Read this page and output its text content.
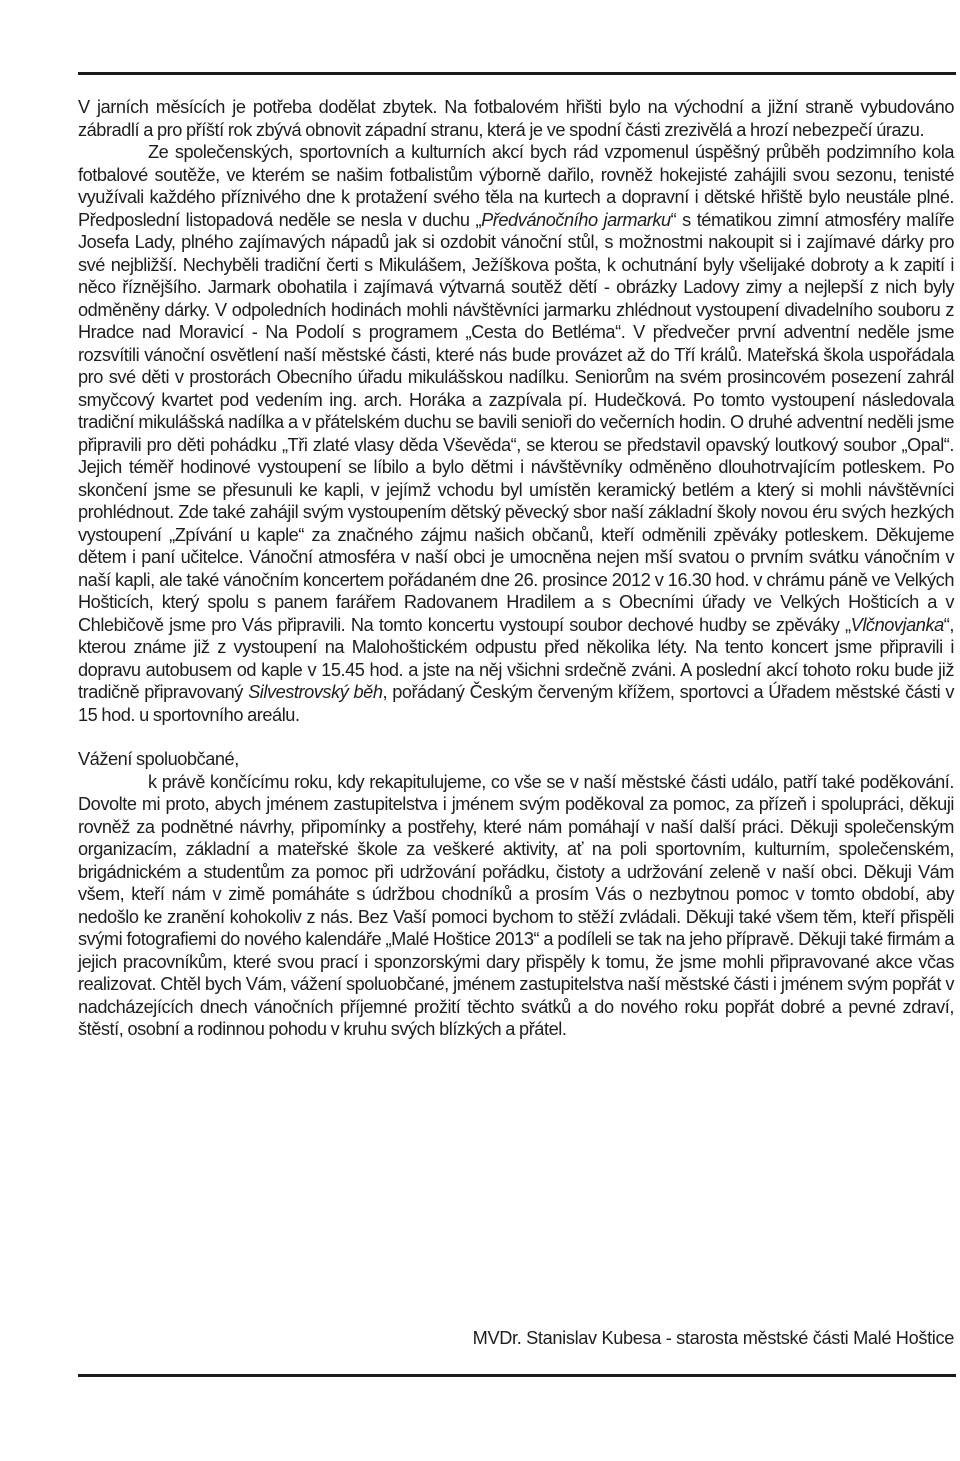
V jarních měsících je potřeba dodělat zbytek. Na fotbalovém hřišti bylo na východní a jižní straně vybudováno zábradlí a pro příští rok zbývá obnovit západní stranu, která je ve spodní části zrezivělá a hrozí nebezpečí úrazu.

Ze společenských, sportovních a kulturních akcí bych rád vzpomenul úspěšný průběh podzimního kola fotbalové soutěže, ve kterém se našim fotbalistům výborně dařilo, rovněž hokejisté zahájili svou sezonu, tenisté využívali každého příznivého dne k protažení svého těla na kurtech a dopravní i dětské hřiště bylo neustále plné. Předposlední listopadová neděle se nesla v duchu „Předvánočního jarmarku“ s tématikou zimní atmosféry malíře Josefa Lady, plného zajímavých nápadů jak si ozdobit vánoční stůl, s možnostmi nakoupit si i zajímavé dárky pro své nejbližší. Nechyběli tradiční čerti s Mikulášem, Ježíškova pošta, k ochutnání byly všelijaké dobroty a k zapití i něco říznějšího. Jarmark obohatila i zajímavá výtvarná soutěž dětí - obrázky Ladovy zimy a nejlepší z nich byly odměněny dárky. V odpoledních hodinách mohli návštěvníci jarmarku zhlédnout vystoupení divadelního souboru z Hradce nad Moravicí - Na Podolí s programem „Cesta do Betléma“. V předvečer první adventní neděle jsme rozsvítili vánoční osvětlení naší městské části, které nás bude provázet až do Tří králů. Mateřská škola uspořádala pro své děti v prostorách Obecního úřadu mikulášskou nadílku. Seniorům na svém prosincovém posezení zahrál smyčcový kvartet pod vedením ing. arch. Horáka a zazpívala pí. Hudečková. Po tomto vystoupení následovala tradiční mikulášská nadílka a v přátelském duchu se bavili senioři do večerních hodin. O druhé adventní neděli jsme připravili pro děti pohádku „Tři zlaté vlasy děda Vševěda“, se kterou se představil opavský loutkový soubor „Opal“. Jejich téměř hodinové vystoupení se líbilo a bylo dětmi i návštěvníky odměněno dlouhotrvajícím potleskem. Po skončení jsme se přesunuli ke kapli, v jejímž vchodu byl umístěn keramický betlém a který si mohli návštěvníci prohlédnout. Zde také zahájil svým vystoupením dětský pěvecký sbor naší základní školy novou éru svých hezkých vystoupení „Zpívání u kaple“ za značného zájmu našich občanů, kteří odměnili zpěváky potleskem. Děkujeme dětem i paní učitelce. Vánoční atmosféra v naší obci je umocněna nejen mší svatou o prvním svátku vánočním v naší kapli, ale také vánočním koncertem pořádaném dne 26. prosince 2012 v 16.30 hod. v chrámu páně ve Velkých Hošticích, který spolu s panem farářem Radovanem Hradilem a s Obecními úřady ve Velkých Hošticích a v Chlebičově jsme pro Vás připravili. Na tomto koncertu vystoupí soubor dechové hudby se zpěváky „Vlčnovjanka“, kterou známe již z vystoupení na Malohoštickém odpustu před několika léty. Na tento koncert jsme připravili i dopravu autobusem od kaple v 15.45 hod. a jste na něj všichni srdečně zváni. A poslední akcí tohoto roku bude již tradičně připravovaný Silvestrovský běh, pořádaný Českým červeným křížem, sportovci a Úřadem městské části v 15 hod. u sportovního areálu.

Vážení spoluobčané,

k právě končícímu roku, kdy rekapitulujeme, co vše se v naší městské části událo, patří také poděkování. Dovolte mi proto, abych jménem zastupitelstva i jménem svým poděkoval za pomoc, za přízeň i spolupráci, děkuji rovněž za podnětné návrhy, připomínky a postřehy, které nám pomáhají v naší další práci. Děkuji společenským organizacím, základní a mateřské škole za veškeré aktivity, ať na poli sportovním, kulturním, společenském, brigádnickém a studentům za pomoc při udržování pořádku, čistoty a udržování zeleně v naší obci. Děkuji Vám všem, kteří nám v zimě pomáháte s údržbou chodníků a prosím Vás o nezbytnou pomoc v tomto období, aby nedošlo ke zranění kohokoliv z nás. Bez Vaší pomoci bychom to stěží zvládali. Děkuji také všem těm, kteří přispěli svými fotografiemi do nového kalendáře „Malé Hoštice 2013“ a podíleli se tak na jeho přípravě. Děkuji také firmám a jejich pracovníkům, které svou prací i sponzorskými dary přispěly k tomu, že jsme mohli připravované akce včas realizovat. Chtěl bych Vám, vážení spoluobčané, jménem zastupitelstva naší městské části i jménem svým popřát v nadcházejících dnech vánočních příjemné prožití těchto svátků a do nového roku popřát dobré a pevné zdraví, štěstí, osobní a rodinnou pohodu v kruhu svých blízkých a přátel.

MVDr. Stanislav Kubesa - starosta městské části Malé Hoštice
